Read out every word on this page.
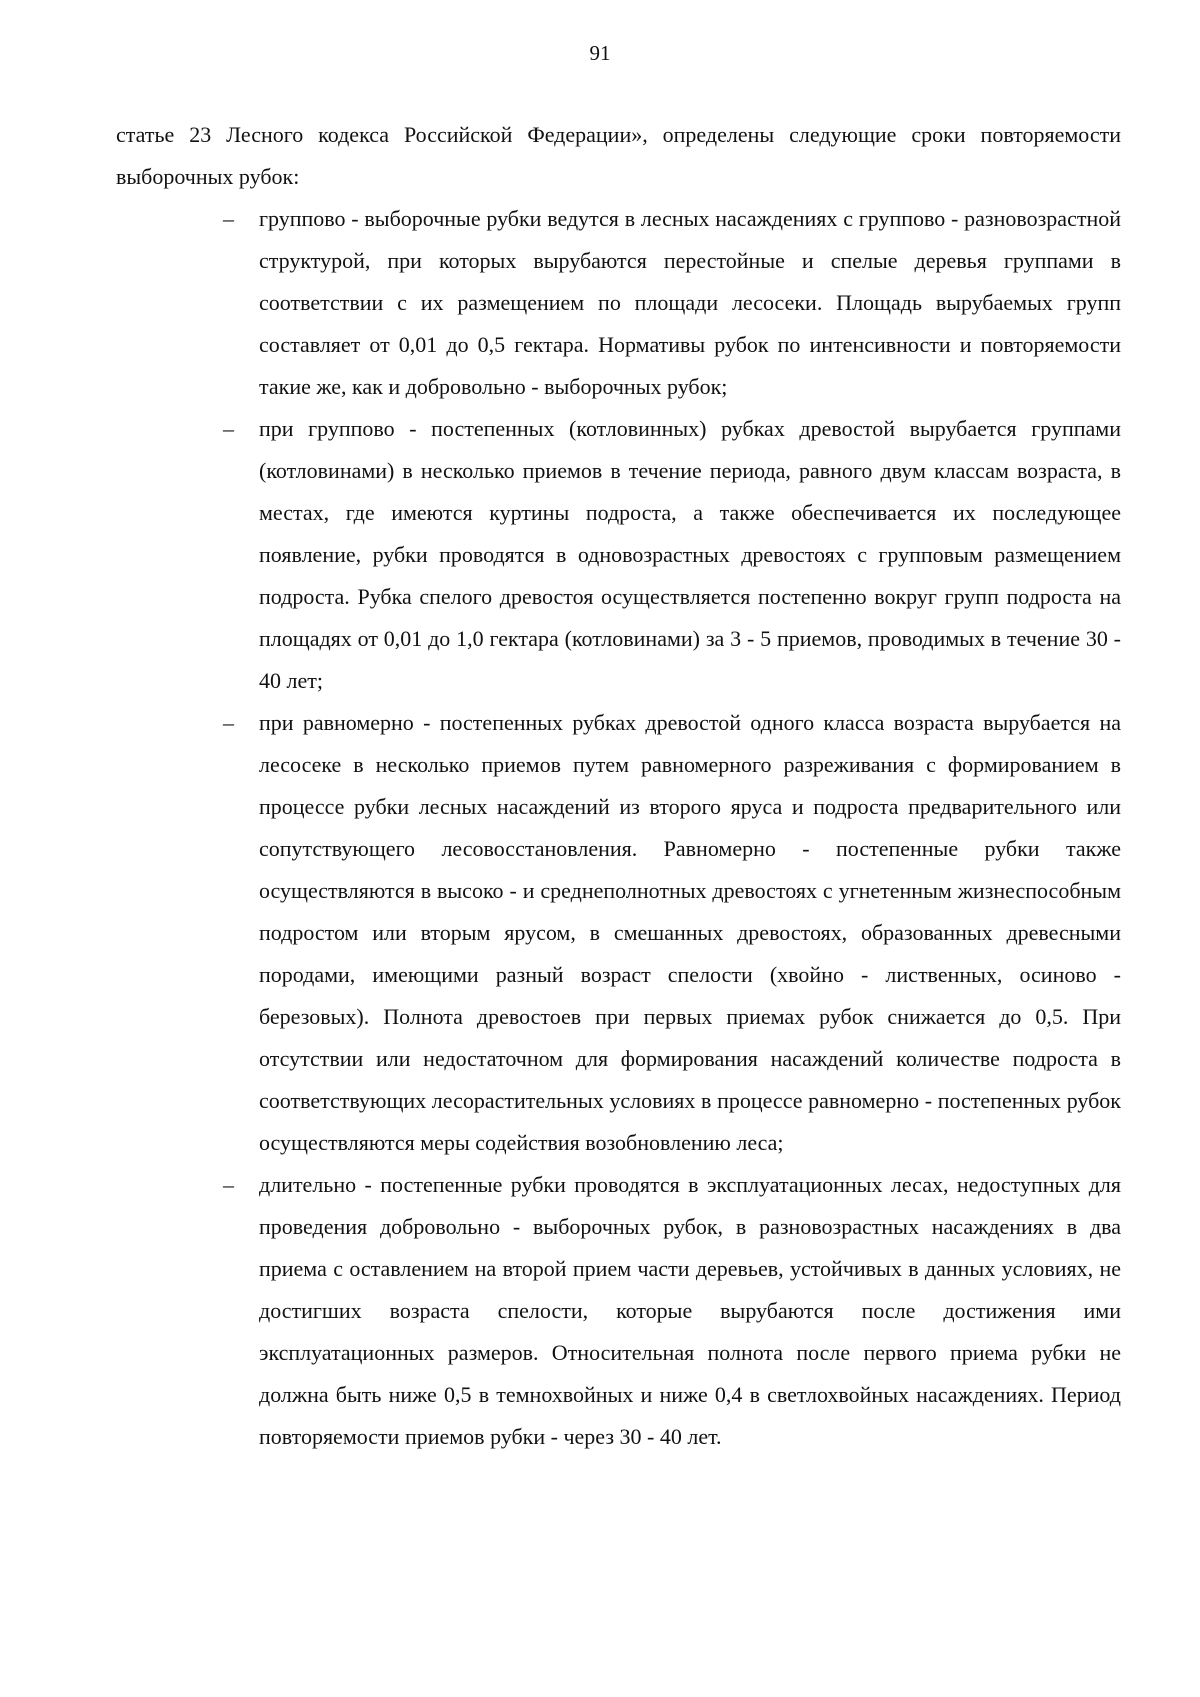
91

статье 23 Лесного кодекса Российской Федерации», определены следующие сроки повторяемости выборочных рубок:

– группово - выборочные рубки ведутся в лесных насаждениях с группово - разновозрастной структурой, при которых вырубаются перестойные и спелые деревья группами в соответствии с их размещением по площади лесосеки. Площадь вырубаемых групп составляет от 0,01 до 0,5 гектара. Нормативы рубок по интенсивности и повторяемости такие же, как и добровольно - выборочных рубок;
– при группово - постепенных (котловинных) рубках древостой вырубается группами (котловинами) в несколько приемов в течение периода, равного двум классам возраста, в местах, где имеются куртины подроста, а также обеспечивается их последующее появление, рубки проводятся в одновозрастных древостоях с групповым размещением подроста. Рубка спелого древостоя осуществляется постепенно вокруг групп подроста на площадях от 0,01 до 1,0 гектара (котловинами) за 3 - 5 приемов, проводимых в течение 30 - 40 лет;
– при равномерно - постепенных рубках древостой одного класса возраста вырубается на лесосеке в несколько приемов путем равномерного разреживания с формированием в процессе рубки лесных насаждений из второго яруса и подроста предварительного или сопутствующего лесовосстановления. Равномерно - постепенные рубки также осуществляются в высоко - и среднеполнотных древостоях с угнетенным жизнеспособным подростом или вторым ярусом, в смешанных древостоях, образованных древесными породами, имеющими разный возраст спелости (хвойно - лиственных, осиново - березовых). Полнота древостоев при первых приемах рубок снижается до 0,5. При отсутствии или недостаточном для формирования насаждений количестве подроста в соответствующих лесорастительных условиях в процессе равномерно - постепенных рубок осуществляются меры содействия возобновлению леса;
– длительно - постепенные рубки проводятся в эксплуатационных лесах, недоступных для проведения добровольно - выборочных рубок, в разновозрастных насаждениях в два приема с оставлением на второй прием части деревьев, устойчивых в данных условиях, не достигших возраста спелости, которые вырубаются после достижения ими эксплуатационных размеров. Относительная полнота после первого приема рубки не должна быть ниже 0,5 в темнохвойных и ниже 0,4 в светлохвойных насаждениях. Период повторяемости приемов рубки - через 30 - 40 лет.
